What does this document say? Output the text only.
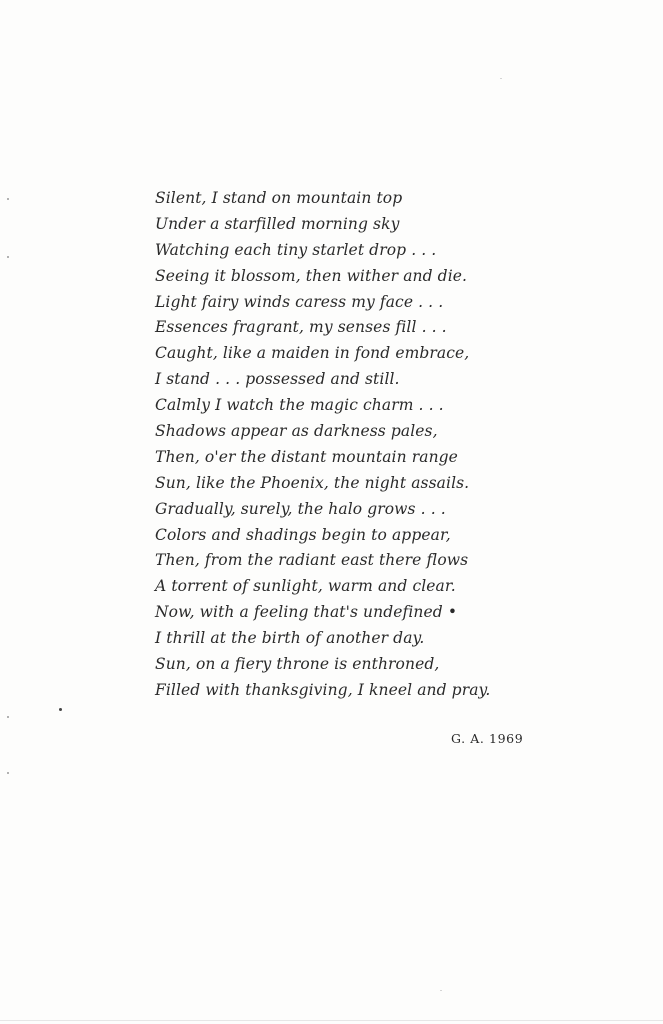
Silent, I stand on mountain top
Under a starfilled morning sky
Watching each tiny starlet drop . . .
Seeing it blossom, then wither and die.
Light fairy winds caress my face . . .
Essences fragrant, my senses fill . . .
Caught, like a maiden in fond embrace,
I stand . . . possessed and still.
Calmly I watch the magic charm . . .
Shadows appear as darkness pales,
Then, o'er the distant mountain range
Sun, like the Phoenix, the night assails.
Gradually, surely, the halo grows . . .
Colors and shadings begin to appear,
Then, from the radiant east there flows
A torrent of sunlight, warm and clear.
Now, with a feeling that's undefined •
I thrill at the birth of another day.
Sun, on a fiery throne is enthroned,
Filled with thanksgiving, I kneel and pray.
G. A. 1969
